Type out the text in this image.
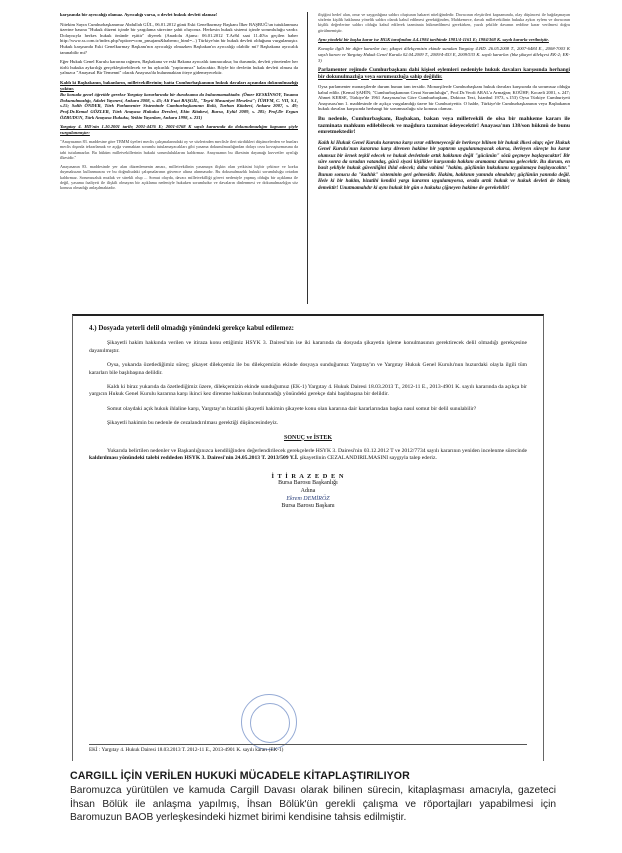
karşısında bir ayrıcalığı olamaz. Ayrıcalığı varsa, o devlet hukuk devleti olamaz!

Nitekim Sayın Cumhurbaşkanımız Abdullah GÜL, 06.01.2012 günü Eski Genelkurmay Başkanı İlker BAŞBUĞ'un tutuklanması üzerine basına "Hukuk düzeni içinde bir yargılama sürecine şahit oluyoruz. Herkesin hukuk sistemi içinde sorumluluğu vardır. Dolayısıyla herkes hukuk önünde eşittir" diyerek (Anadolu Ajansı: 06.01.2012 T.Ar8ıl saat 11.40'ta geçilen haber http://www.ss.com.tr/index.php?option=com_pnsajans&haberno_html=...) Türkiye'nin bir hukuk devleti olduğunu vurgulamıştır. Hukuk karşısında Eski Genelkurmay Başkanı'nın ayrıcalığı olmazken Başbakan'ın ayrıcalığı olabilir mi? Başbakana ayrıcalık tanınabilir mi?

Eğer Hukuk Genel Kurulu kararına rağmen, Başbakana ve eski Bakana ayrıcalık tanınacaksa; bu durumda, devleti yönetenler her türlü hukuka aykırılığı gerçekleştirebilecek ve bu aykırılık "yaptırımsız" kalacaktır. Böyle bir devletin hukuk devleti olması da yalnızca "Anayasal Bir Temenni" olarak Anayasa'da bulunmaktan öteye gidemeyecektir.

Kaldı ki Başbakanın, bakanların, milletvekillerinin; hatta Cumhurbaşkanının hukuk davaları açısından dokunulmazlığı yoktur.

Bu konuda genel öğretide gerekse Yargıtay kararlarında bir duraksama da bulunmamaktadır. (Ömer KESKİNSOY, Yasama Dokunulmazlığı, Adalet Yayınevi, Ankara 2008, s. 45; Ali Fuat BAŞGİL, "Teşrii Masuniyet Meselesi"; İÜHFM, C. VII, S.1, s.15; Salih ÖNDER, Türk Parlamenter Sisteminde Cumhurbaşkanının Rolü, Turhan Kitabevi, Ankara 2007, s. 49; Prof.Dr.Kemal GÖZLER, Türk Anayasa Hukuku Dersleri, Ekin Kitabevi, Bursa, Eylül 2009, s. 285; Prof.Dr Ergun ÖZBUDUN, Türk Anayasa Hukuku, Yetkin Yayınları, Ankara 1998, s. 231)

Yargıtay 4. HD'nin 1.10.2001 tarih; 2001-4476 E; 2001-6768 K sayılı kararında da dokunulmazlığın kapsamı şöyle vurgulanmıştır:

"Anayasanın 83. maddesine göre TBMM üyeleri meclis çalışmalarındaki oy ve sözlerinden meclisle ileri sürdükleri düşüncelerden ve bunları meclis dışında tekrarlamak ve açığa vurmaktan sorumlu tutulamayacakları gibi yasama dokunulmazlığından dolayı ceza kovuşturmasına da tabi tutulamazlar. Bu hüküm milletvekillerinin hukuki sorumluluklarını kaldırmaz. Anayasanın bu ilkesinin dayanağı kuvvetler ayrılığı ilkesidir."

Anayasanın 83. maddesinde yer alan düzenlemenin amacı, milletvekilinin yasamaya ilişkin olan yetkisini hiçbir çekince ve korku duymaksızın kullanmasını ve bu doğrultudaki çalışmalarının güvence altına alınmasıdır. Bu dokunulmazlık hukuki sorumluluğu ortadan kaldırmaz. Sorumsuzluk mutlak ve sürekli olup ... Somut olayda, davacı milletvekilliği görevi nedeniyle yapmış olduğu bir açıklama ile değil, yasama faaliyeti ile ilişkili olmayan bir açıklama nedeniyle hukuken sorumludur ve davaların dinlenmesi ve dokunulmazlığın söz konusu olmadığı anlaşılmaktadır.

ilişiğini hedef alan, onur ve saygınlığına saldırı oluşturan hakaret niteliğindedir. Davacının eleştirileri kapsamında, olay düşüncesi ile bağdaşmayan sözlerin kişilik haklarına yönelik saldırı olarak kabul edilmesi gerektiğinden, Mahkemece, davalı milletvekilinin hukuka aykırı eylem ve davacının kişilik değerlerine saldırı olduğu kabul edilerek tazminata hükmedilmesi gerekirken, yazılı şekilde davanın reddine karar verilmesi doğru görülmemiştir.

Aynı yöndeki bir başka karar ise HGK tarafından 4.4.1984 tarihinde 1981/4-1161 E; 1984/368 K. sayılı kararla verilmiştir.

Konuyla ilgili bir diğer kararlar ise; şikayet dilekçemizin ekinde sunulan Yargıtay 4.HD. 26.05.2008 T., 2007-6484 E., 2008-7003 K sayılı kararı ve Yargıtay Hukuk Genel Kurulu 02.04.2009 T., 2009/4-453 E, 2009/533 K. sayılı kararlar. (bkz şikayet dilekçesi EK-2; EK-3)

Parlamenter rejimde Cumhurbaşkanı dahi kişisel eylemleri nedeniyle hukuk davaları karşısında herhangi bir dokunulmazlığa veya sorumsuzluğa sahip değildir.

Oysa parlamenter monarşilerde durum bunun tam tersidir. Monarşilerde Cumhurbaşkanı hukuk davaları karşısında da sorumsuz olduğu kabul edilir. (Kemal ŞAHİN; "Cumhurbaşkanının Cezai Sorumluluğu", Prof.Dr.Vecdi ARAL'a Armağan; KOÜHF; Kocaeli 2001, s. 247; Ahmet KERSE, Türkiye'de 1961 Anayasası'na Göre Cumhurbaşkanı, Doktora Tezi, İstanbul 1973, s.153) Oysa Türkiye Cumhuriyeti Anayasası'nın 1. maddesinde de açıkça vurgulandığı üzere bir Cumhuriyettir. O halde, Türkiye'de Cumhurbaşkanının veya Başbakanın hukuk davaları karşısında herhangi bir sorumsuzluğu söz konusu olamaz.

Bu nedenle, Cumhurbaşkanı, Başbakan, bakan veya milletvekili de olsa bir mahkeme kararı ile tazminata mahkum edilebilecek ve mağdura tazminat ödeyecektir! Anayasa'nın 138/son hükmü de bunu emretmektedir!

Kaldı ki Hukuk Genel Kurulu kararına karşı ısrar edilemeyeceği de herkesçe bilinen bir hukuk ilkesi olup; eğer Hukuk Genel Kurulu'nun kararına karşı direnen hakime bir yaptırım uygulanmayacak olursa, ilerleyen süreçte bu karar olumsuz bir örnek teşkil edecek ve hukuk devletinde artık hakkının değil "gücünün" sözü geçmeye başlayacaktır! Bir süre sonra da sıradan vatandaş, gücü siyasi kişilikler karşısında hakkını aramamız durumu gelecektir. Bu durum, en basit şekliyle hukuk güvenliğini ihlal edecek; daha vahimi "hakim, güçlünün hukukunu uygulamaya başlayacaktır." Bunun sonucu da "kadılık" sisteminin geri gelmesidir. Hakim, hakkının yanında olmalıdır; güçlünün yanında değil. Hele ki bir hakim, bizatihi kendisi yargı kararını uygulamıyorsa, orada artık hukuk ve hukuk devleti de bitmiş demektir! Unutmamalıdır ki aynı hukuk bir gün o hukuku çiğneyen hakime de gerekebilir!

4.) Dosyada yeterli delil olmadığı yönündeki gerekçe kabul edilemez:

Şikayetli hakim hakkında verilen ve itiraza konu ettiğimiz HSYK 3. Dairesi'nin ise iki kararında da dosyada şikayetin işleme konulmasının gerektirecek delil olmadığı gerekçesine dayanılmıştır.

Oysa, yukarıda özetlediğimiz süreç; şikayet dilekçemiz ile bu dilekçemizin ekinde dosyaya sunduğumuz Yargıtay'ın ve Yargıtay Hukuk Genel Kurulu'nun huzurdaki olayla ilgili tüm kararları bile başlıbaşına delildir.

Kaldı ki biraz yukarıda da özetlediğimiz üzere, dilekçemizin ekinde sunduğumuz (EK-1) Yargıtay 4. Hukuk Dairesi 18.03.2013 T., 2012-11 E., 2013-4901 K. sayılı kararında da açıkça bir yargıcın Hukuk Genel Kurulu kararına karşı ikinci kez direnme hakkının bulunmadığı yönündeki gerekçe dahi başlıbaşına bir delildir.

Somut olaydaki açık hukuk ihlaline karşı, Yargıtay'ın bizatihi şikayetli hakimin şikayete konu olan kararına dair kararlarından başka nasıl somut bir delil sunulabilir?

Şikayetli hakimin bu nedenle de cezalandırılması gerektiği düşüncesindeyiz.

SONUÇ ve İSTEK

Yukarıda belirtilen nedenler ve Başkanlığınızca kendiliğinden değerlendirilecek gerekçelerle HSYK 3. Dairesi'nin 03.12.2012 T ve 2012/7734 sayılı kararının yeniden incelenme sürecinde kaldırılması yönündeki talebi reddeden HSYK 3. Dairesi'nin 24.05.2013 T. 2013/509 Y.İ. şikayetlinin CEZALANDIRILMASINI saygıyla talep ederiz.

İ T İ R A Z E D E N
Bursa Barosu Başkanlığı
Adına
Ekrem DEMİRÖZ
Bursa Barosu Başkanı
EKİ : Yargıtay 4. Hukuk Dairesi 18.03.2013 T. 2012-11 E., 2013-4901 K. sayılı kararı (EK-1)
CARGILL İÇİN VERİLEN HUKUKİ MÜCADELE KİTAPLAŞTIRILIYOR

Baromuzca yürütülen ve kamuda Cargill Davası olarak bilinen sürecin, kitaplaşması amacıyla, gazeteci İhsan Bölük ile anlaşma yapılmış, İhsan Bölük'ün gerekli çalışma ve röportajları yapabilmesi için Baromuzun BAOB yerleşkesindeki hizmet birimi kendisine tahsis edilmiştir.
